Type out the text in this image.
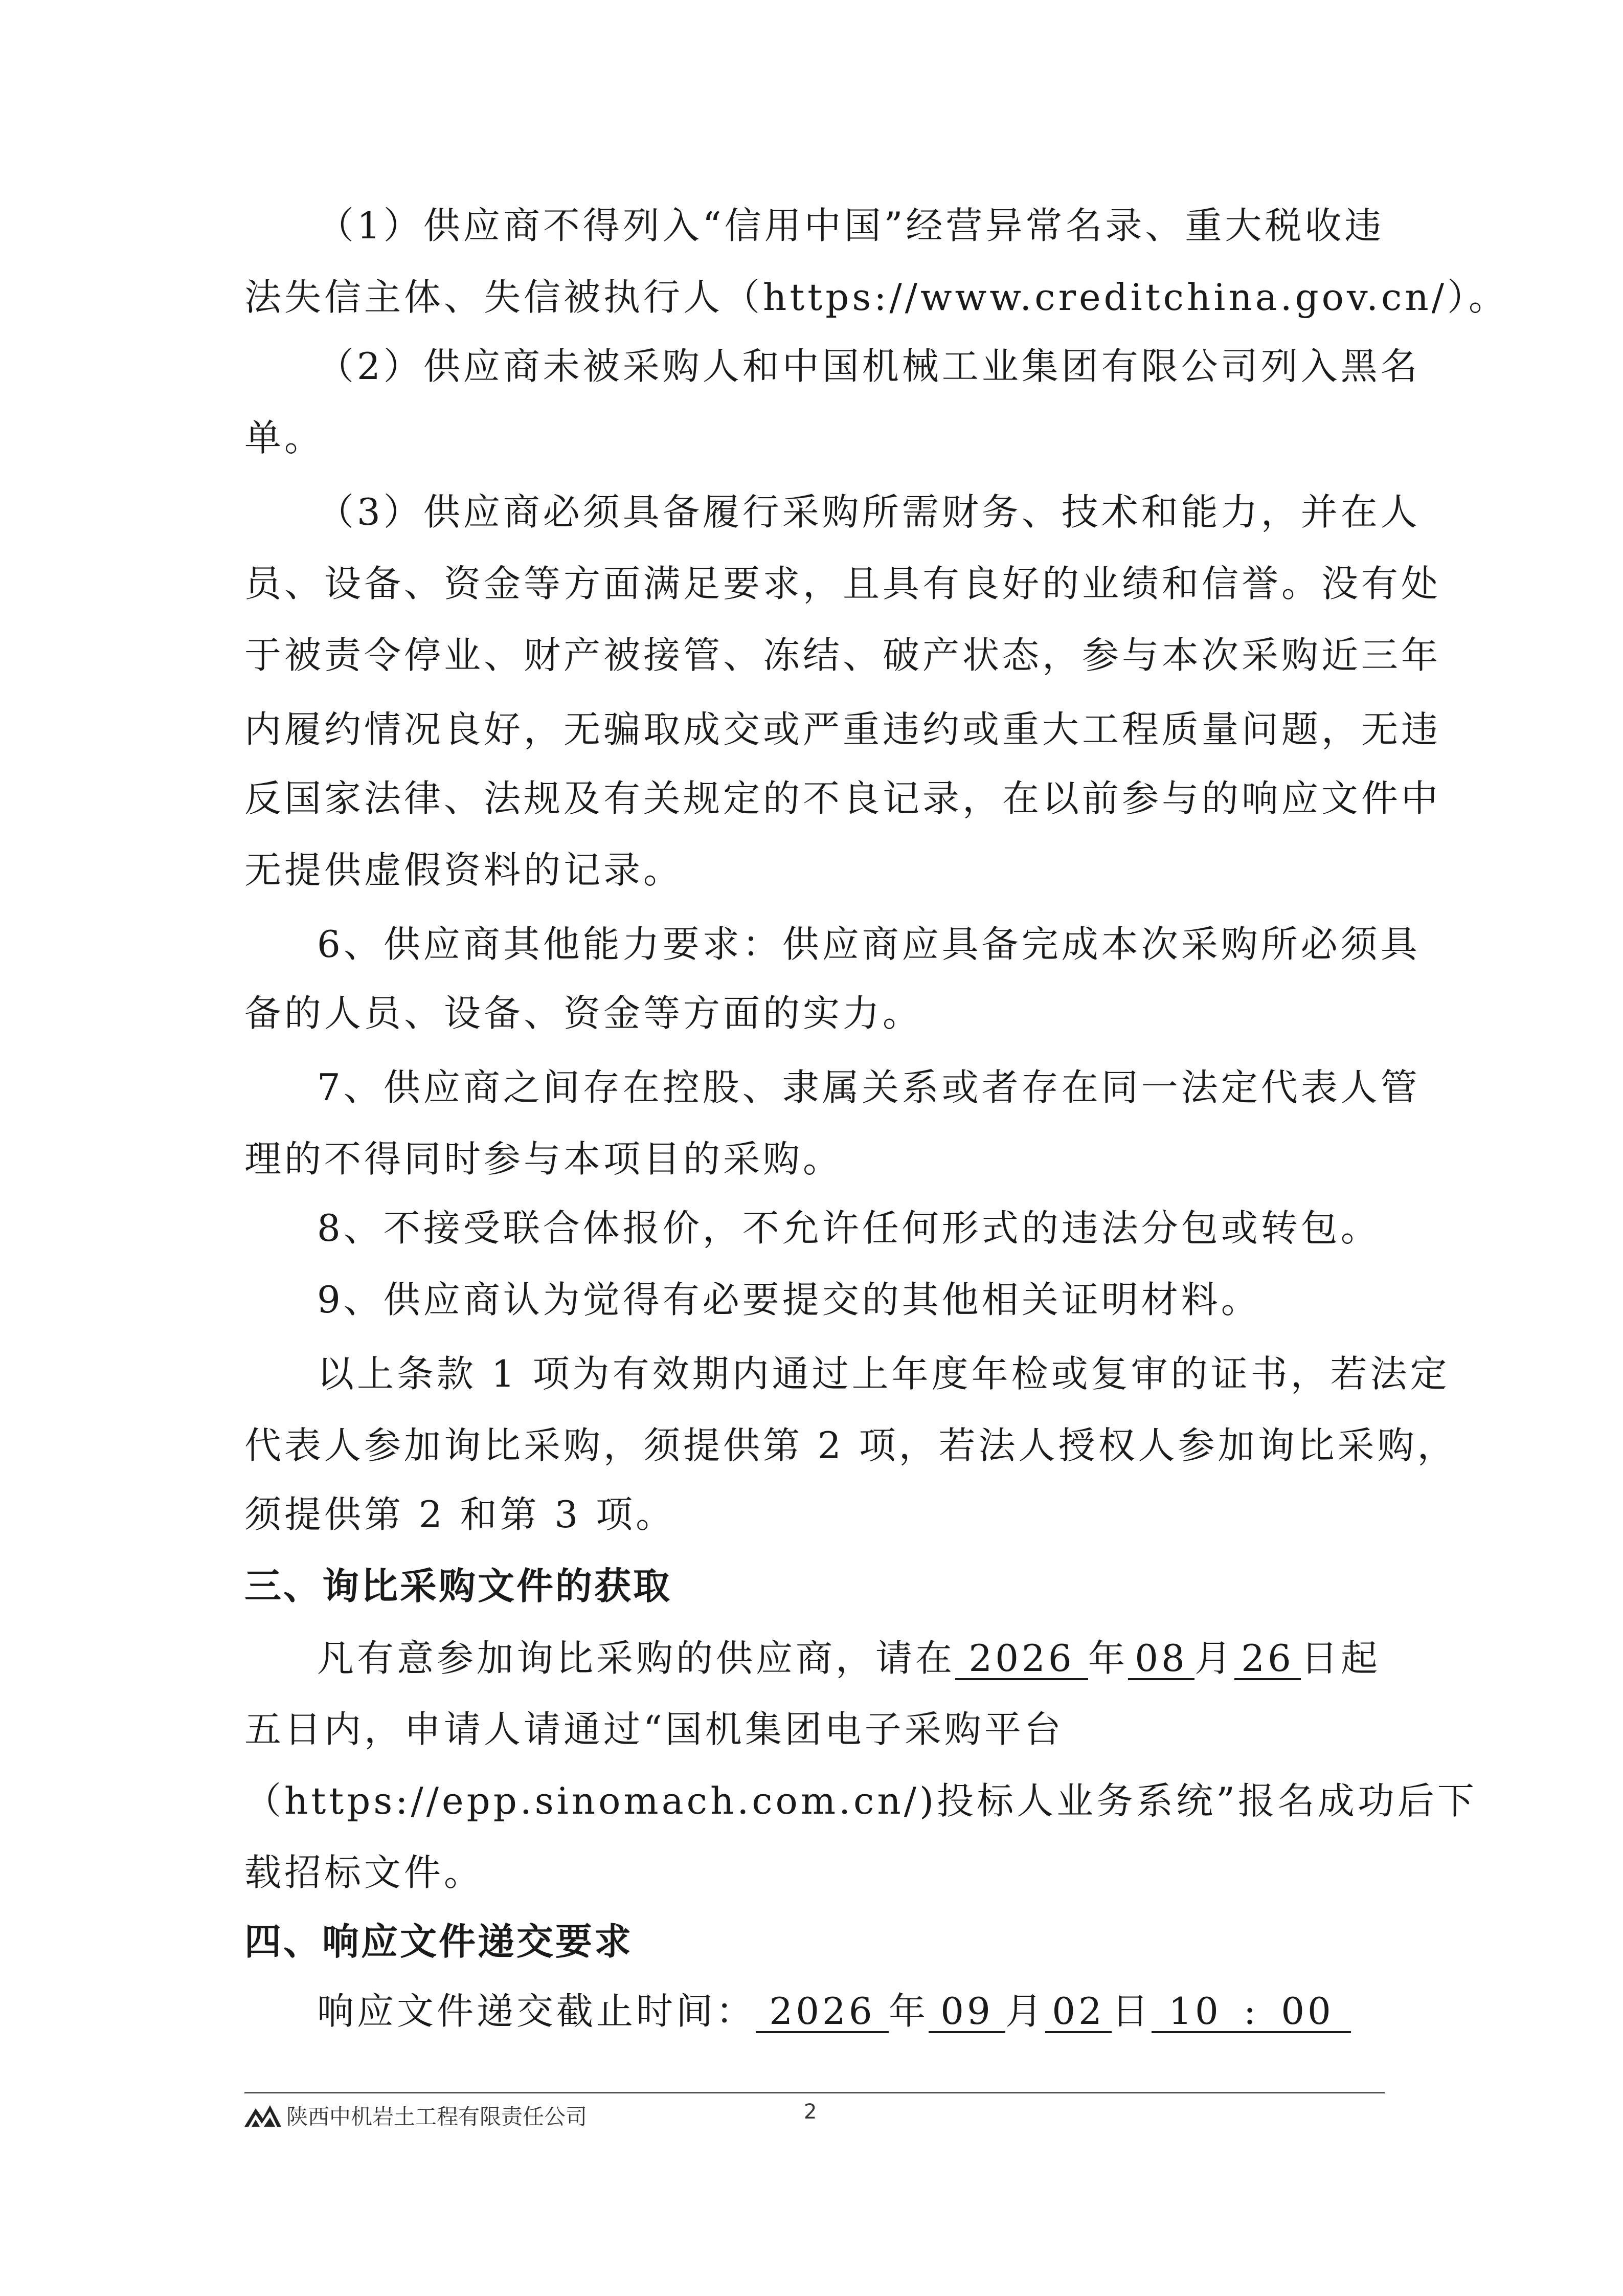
（1）供应商不得列入“信用中国”经营异常名录、重大税收违
法失信主体、失信被执行人（https://www.creditchina.gov.cn/）。
（2）供应商未被采购人和中国机械工业集团有限公司列入黑名
单。
（3）供应商必须具备履行采购所需财务、技术和能力，并在人
员、设备、资金等方面满足要求，且具有良好的业绩和信誉。没有处
于被责令停业、财产被接管、冻结、破产状态，参与本次采购近三年
内履约情况良好，无骗取成交或严重违约或重大工程质量问题，无违
反国家法律、法规及有关规定的不良记录，在以前参与的响应文件中
无提供虚假资料的记录。
6、供应商其他能力要求：供应商应具备完成本次采购所必须具
备的人员、设备、资金等方面的实力。
7、供应商之间存在控股、隶属关系或者存在同一法定代表人管
理的不得同时参与本项目的采购。
8、不接受联合体报价，不允许任何形式的违法分包或转包。
9、供应商认为觉得有必要提交的其他相关证明材料。
以上条款 1 项为有效期内通过上年度年检或复审的证书，若法定
代表人参加询比采购，须提供第 2 项，若法人授权人参加询比采购，
须提供第 2 和第 3 项。
三、询比采购文件的获取
凡有意参加询比采购的供应商，请在 2026 年 08 月 26 日起
五日内，申请人请通过“国机集团电子采购平台
（https://epp.sinomach.com.cn/)投标人业务系统”报名成功后下
载招标文件。
四、响应文件递交要求
响应文件递交截止时间： 2026 年 09 月 02 日 10 : 00
陕西中机岩土工程有限责任公司	2
